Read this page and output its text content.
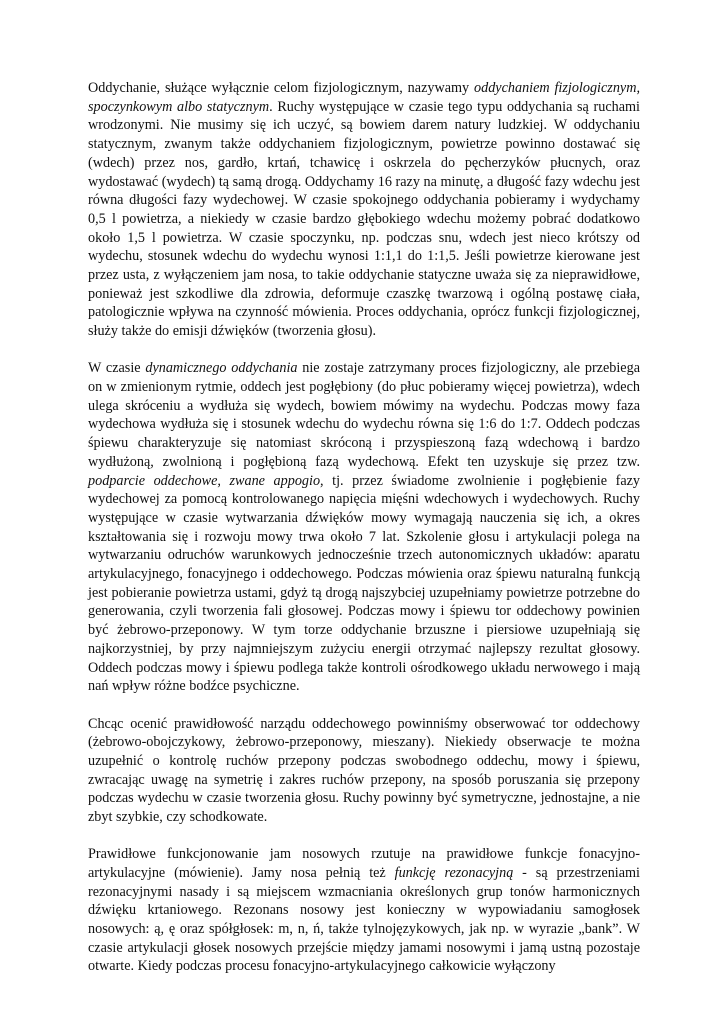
Oddychanie, służące wyłącznie celom fizjologicznym, nazywamy oddychaniem fizjologicznym, spoczynkowym albo statycznym. Ruchy występujące w czasie tego typu oddychania są ruchami wrodzonymi. Nie musimy się ich uczyć, są bowiem darem natury ludzkiej. W oddychaniu statycznym, zwanym także oddychaniem fizjologicznym, powietrze powinno dostawać się (wdech) przez nos, gardło, krtań, tchawicę i oskrzela do pęcherzyków płucnych, oraz wydostawać (wydech) tą samą drogą. Oddychamy 16 razy na minutę, a długość fazy wdechu jest równa długości fazy wydechowej. W czasie spokojnego oddychania pobieramy i wydychamy 0,5 l powietrza, a niekiedy w czasie bardzo głębokiego wdechu możemy pobrać dodatkowo około 1,5 l powietrza. W czasie spoczynku, np. podczas snu, wdech jest nieco krótszy od wydechu, stosunek wdechu do wydechu wynosi 1:1,1 do 1:1,5. Jeśli powietrze kierowane jest przez usta, z wyłączeniem jam nosa, to takie oddychanie statyczne uważa się za nieprawidłowe, ponieważ jest szkodliwe dla zdrowia, deformuje czaszkę twarzową i ogólną postawę ciała, patologicznie wpływa na czynność mówienia. Proces oddychania, oprócz funkcji fizjologicznej, służy także do emisji dźwięków (tworzenia głosu).

W czasie dynamicznego oddychania nie zostaje zatrzymany proces fizjologiczny, ale przebiega on w zmienionym rytmie, oddech jest pogłębiony (do płuc pobieramy więcej powietrza), wdech ulega skróceniu a wydłuża się wydech, bowiem mówimy na wydechu. Podczas mowy faza wydechowa wydłuża się i stosunek wdechu do wydechu równa się 1:6 do 1:7. Oddech podczas śpiewu charakteryzuje się natomiast skróconą i przyspieszoną fazą wdechową i bardzo wydłużoną, zwolnioną i pogłębioną fazą wydechową. Efekt ten uzyskuje się przez tzw. podparcie oddechowe, zwane appogio, tj. przez świadome zwolnienie i pogłębienie fazy wydechowej za pomocą kontrolowanego napięcia mięśni wdechowych i wydechowych. Ruchy występujące w czasie wytwarzania dźwięków mowy wymagają nauczenia się ich, a okres kształtowania się i rozwoju mowy trwa około 7 lat. Szkolenie głosu i artykulacji polega na wytwarzaniu odruchów warunkowych jednocześnie trzech autonomicznych układów: aparatu artykulacyjnego, fonacyjnego i oddechowego. Podczas mówienia oraz śpiewu naturalną funkcją jest pobieranie powietrza ustami, gdyż tą drogą najszybciej uzupełniamy powietrze potrzebne do generowania, czyli tworzenia fali głosowej. Podczas mowy i śpiewu tor oddechowy powinien być żebrowo-przeponowy. W tym torze oddychanie brzuszne i piersiowe uzupełniają się najkorzystniej, by przy najmniejszym zużyciu energii otrzymać najlepszy rezultat głosowy. Oddech podczas mowy i śpiewu podlega także kontroli ośrodkowego układu nerwowego i mają nań wpływ różne bodźce psychiczne.

Chcąc ocenić prawidłowość narządu oddechowego powinniśmy obserwować tor oddechowy (żebrowo-obojczykowy, żebrowo-przeponowy, mieszany). Niekiedy obserwacje te można uzupełnić o kontrolę ruchów przepony podczas swobodnego oddechu, mowy i śpiewu, zwracając uwagę na symetrię i zakres ruchów przepony, na sposób poruszania się przepony podczas wydechu w czasie tworzenia głosu. Ruchy powinny być symetryczne, jednostajne, a nie zbyt szybkie, czy schodkowate.

Prawidłowe funkcjonowanie jam nosowych rzutuje na prawidłowe funkcje fonacyjno-artykulacyjne (mówienie). Jamy nosa pełnią też funkcję rezonacyjną - są przestrzeniami rezonacyjnymi nasady i są miejscem wzmacniania określonych grup tonów harmonicznych dźwięku krtaniowego. Rezonans nosowy jest konieczny w wypowiadaniu samogłosek nosowych: ą, ę oraz spółgłosek: m, n, ń, także tylnojęzykowych, jak np. w wyrazie „bank”. W czasie artykulacji głosek nosowych przejście między jamami nosowymi i jamą ustną pozostaje otwarte. Kiedy podczas procesu fonacyjno-artykulacyjnego całkowicie wyłączony
